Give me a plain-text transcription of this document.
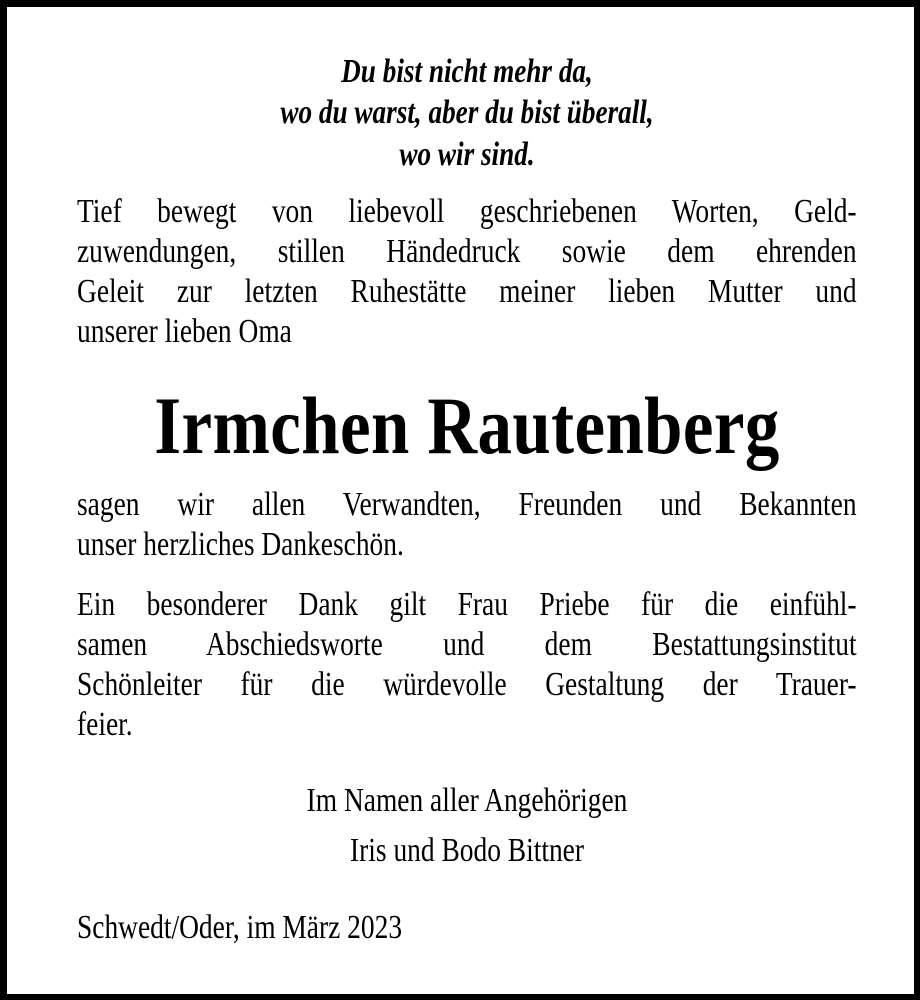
Du bist nicht mehr da,
wo du warst, aber du bist überall,
wo wir sind.
Tief bewegt von liebevoll geschriebenen Worten, Geld-
zuwendungen, stillen Händedruck sowie dem ehrenden
Geleit zur letzten Ruhestätte meiner lieben Mutter und
unserer lieben Oma
Irmchen Rautenberg
sagen wir allen Verwandten, Freunden und Bekannten
unser herzliches Dankeschön.
Ein besonderer Dank gilt Frau Priebe für die einfühl-
samen Abschiedsworte und dem Bestattungsinstitut
Schönleiter für die würdevolle Gestaltung der Trauer-
feier.
Im Namen aller Angehörigen
Iris und Bodo Bittner
Schwedt/Oder, im März 2023
